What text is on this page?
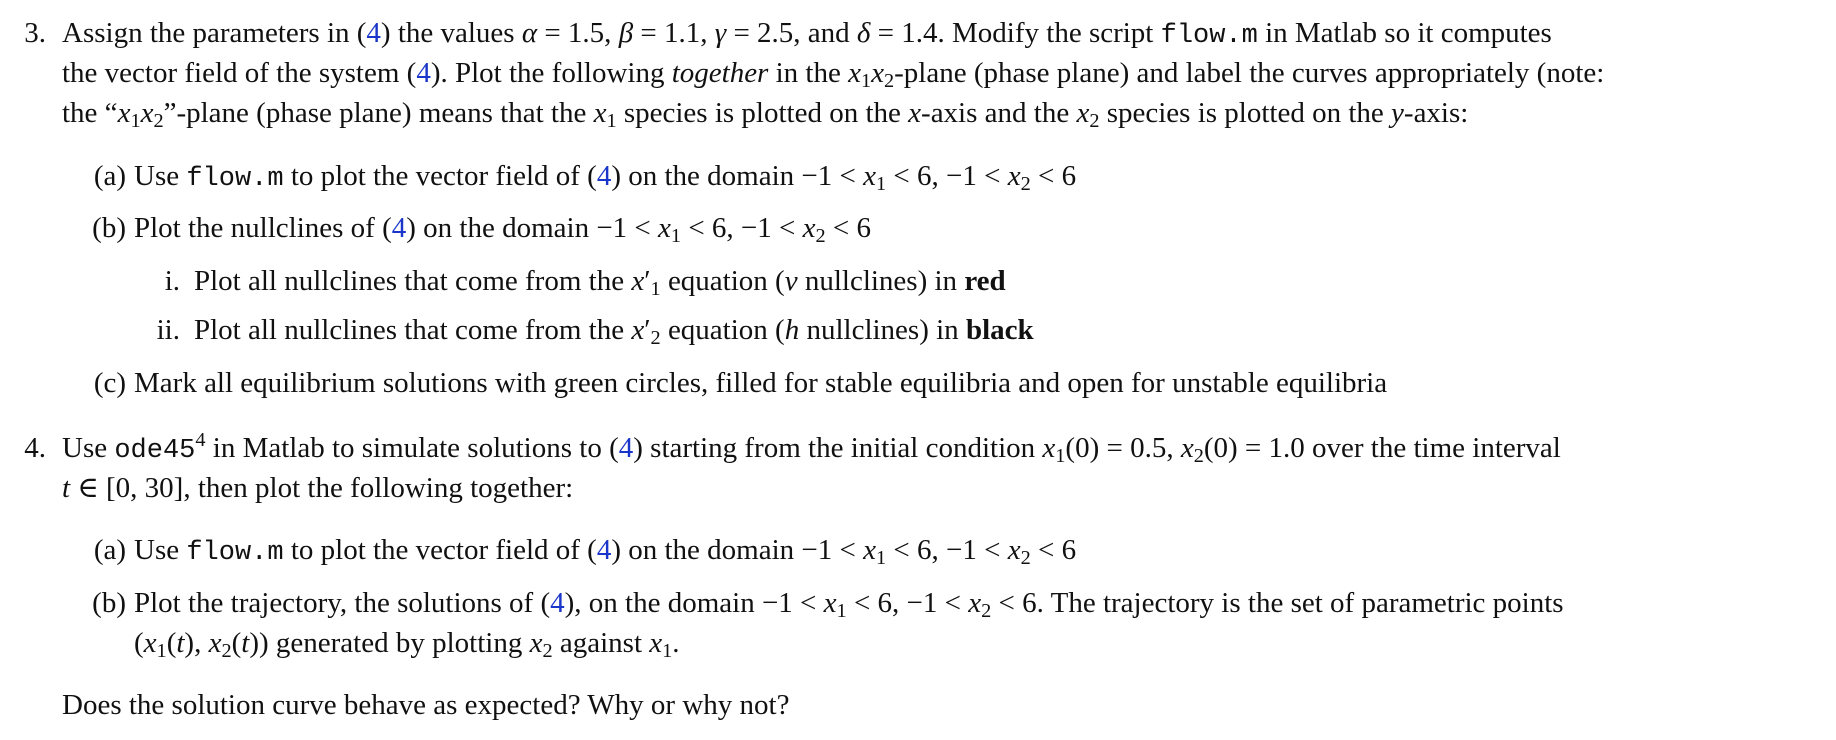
3. Assign the parameters in (4) the values α = 1.5, β = 1.1, γ = 2.5, and δ = 1.4. Modify the script flow.m in Matlab so it computes
the vector field of the system (4). Plot the following together in the $x_1x_2$-plane (phase plane) and label the curves appropriately (note:
the “$x_1x_2$”-plane (phase plane) means that the $x_1$ species is plotted on the x-axis and the $x_2$ species is plotted on the y-axis:
(a) Use flow.m to plot the vector field of (4) on the domain $-1 < x_1 < 6$, $-1 < x_2 < 6$
(b) Plot the nullclines of (4) on the domain $-1 < x_1 < 6$, $-1 < x_2 < 6$
i. Plot all nullclines that come from the $x'_1$ equation (v nullclines) in red
ii. Plot all nullclines that come from the $x'_2$ equation (h nullclines) in black
(c) Mark all equilibrium solutions with green circles, filled for stable equilibria and open for unstable equilibria
4. Use $ode45^4$ in Matlab to simulate solutions to (4) starting from the initial condition $x_1(0) = 0.5$, $x_2(0) = 1.0$ over the time interval
t ∈ [0, 30], then plot the following together:
(a) Use flow.m to plot the vector field of (4) on the domain $-1 < x_1 < 6$, $-1 < x_2 < 6$
(b) Plot the trajectory, the solutions of (4), on the domain $-1 < x_1 < 6$, $-1 < x_2 < 6$. The trajectory is the set of parametric points
($x_1(t)$, $x_2(t)$) generated by plotting $x_2$ against $x_1$.
Does the solution curve behave as expected? Why or why not?
